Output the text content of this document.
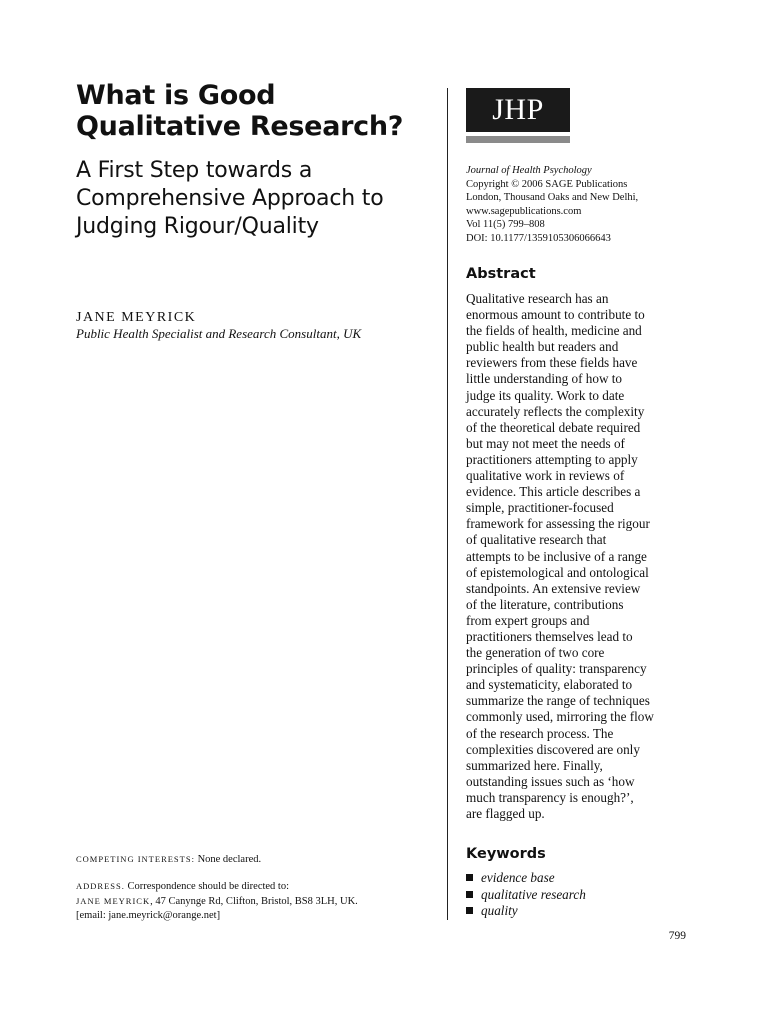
What is Good
Qualitative Research?
A First Step towards a
Comprehensive Approach to
Judging Rigour/Quality
JANE MEYRICK
Public Health Specialist and Research Consultant, UK
COMPETING INTERESTS: None declared.
ADDRESS. Correspondence should be directed to:
JANE MEYRICK, 47 Canynge Rd, Clifton, Bristol, BS8 3LH, UK.
[email: jane.meyrick@orange.net]
JHP
Journal of Health Psychology
Copyright © 2006 SAGE Publications
London, Thousand Oaks and New Delhi,
www.sagepublications.com
Vol 11(5) 799–808
DOI: 10.1177/1359105306066643
Abstract
Qualitative research has an
enormous amount to contribute to
the fields of health, medicine and
public health but readers and
reviewers from these fields have
little understanding of how to
judge its quality. Work to date
accurately reflects the complexity
of the theoretical debate required
but may not meet the needs of
practitioners attempting to apply
qualitative work in reviews of
evidence. This article describes a
simple, practitioner-focused
framework for assessing the rigour
of qualitative research that
attempts to be inclusive of a range
of epistemological and ontological
standpoints. An extensive review
of the literature, contributions
from expert groups and
practitioners themselves lead to
the generation of two core
principles of quality: transparency
and systematicity, elaborated to
summarize the range of techniques
commonly used, mirroring the flow
of the research process. The
complexities discovered are only
summarized here. Finally,
outstanding issues such as ‘how
much transparency is enough?’,
are flagged up.
Keywords
evidence base
qualitative research
quality
799
